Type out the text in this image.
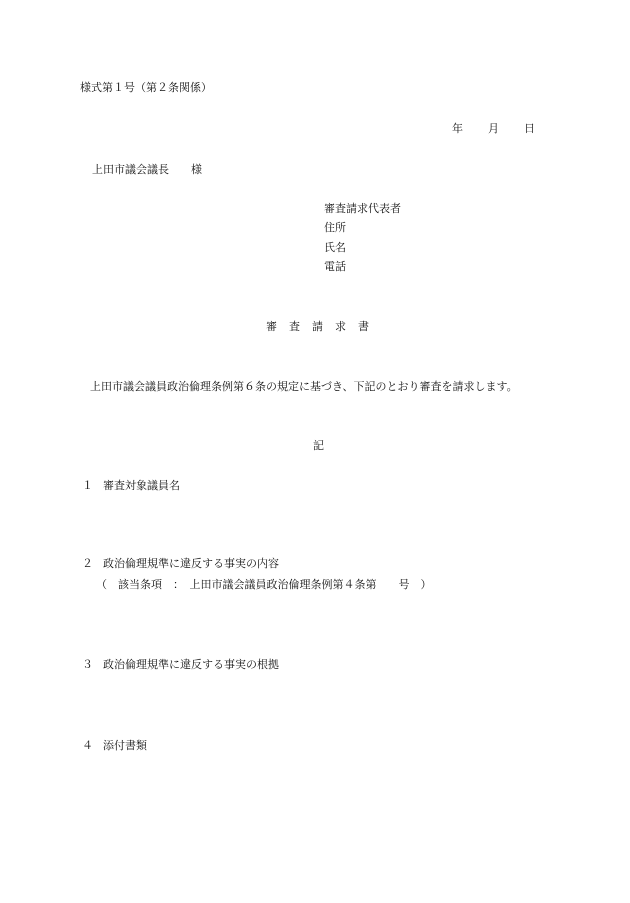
様式第１号（第２条関係）
年 月 日
上田市議会議長　　様
審査請求代表者
住所
氏名
電話
審 査 請 求 書
上田市議会議員政治倫理条例第６条の規定に基づき、下記のとおり審査を請求します。
記
１ 審査対象議員名
２ 政治倫理規準に違反する事実の内容
（　該当条項　：　上田市議会議員政治倫理条例第４条第　　号　）
３ 政治倫理規準に違反する事実の根拠
４ 添付書類
